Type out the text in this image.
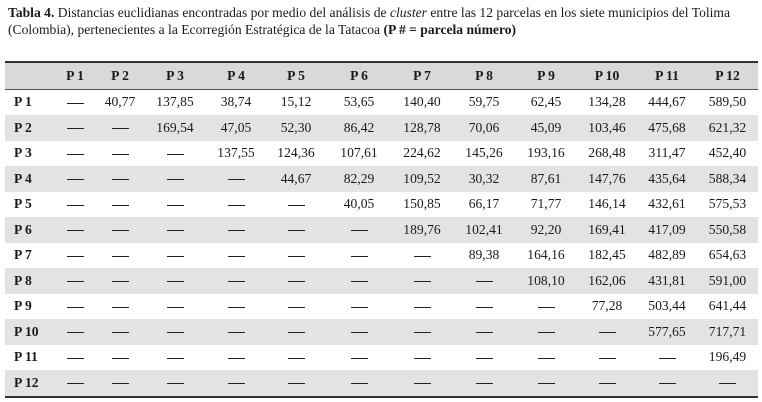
Tabla 4. Distancias euclidianas encontradas por medio del análisis de cluster entre las 12 parcelas en los siete municipios del Tolima (Colombia), pertenecientes a la Ecorregión Estratégica de la Tatacoa (P # = parcela número)
	P 1	P 2	P 3	P 4	P 5	P 6	P 7	P 8	P 9	P 10	P 11	P 12
P 1		40,77	137,85	38,74	15,12	53,65	140,40	59,75	62,45	134,28	444,67	589,50
P 2			169,54	47,05	52,30	86,42	128,78	70,06	45,09	103,46	475,68	621,32
P 3				137,55	124,36	107,61	224,62	145,26	193,16	268,48	311,47	452,40
P 4					44,67	82,29	109,52	30,32	87,61	147,76	435,64	588,34
P 5						40,05	150,85	66,17	71,77	146,14	432,61	575,53
P 6							189,76	102,41	92,20	169,41	417,09	550,58
P 7								89,38	164,16	182,45	482,89	654,63
P 8									108,10	162,06	431,81	591,00
P 9										77,28	503,44	641,44
P 10											577,65	717,71
P 11												196,49
P 12												
